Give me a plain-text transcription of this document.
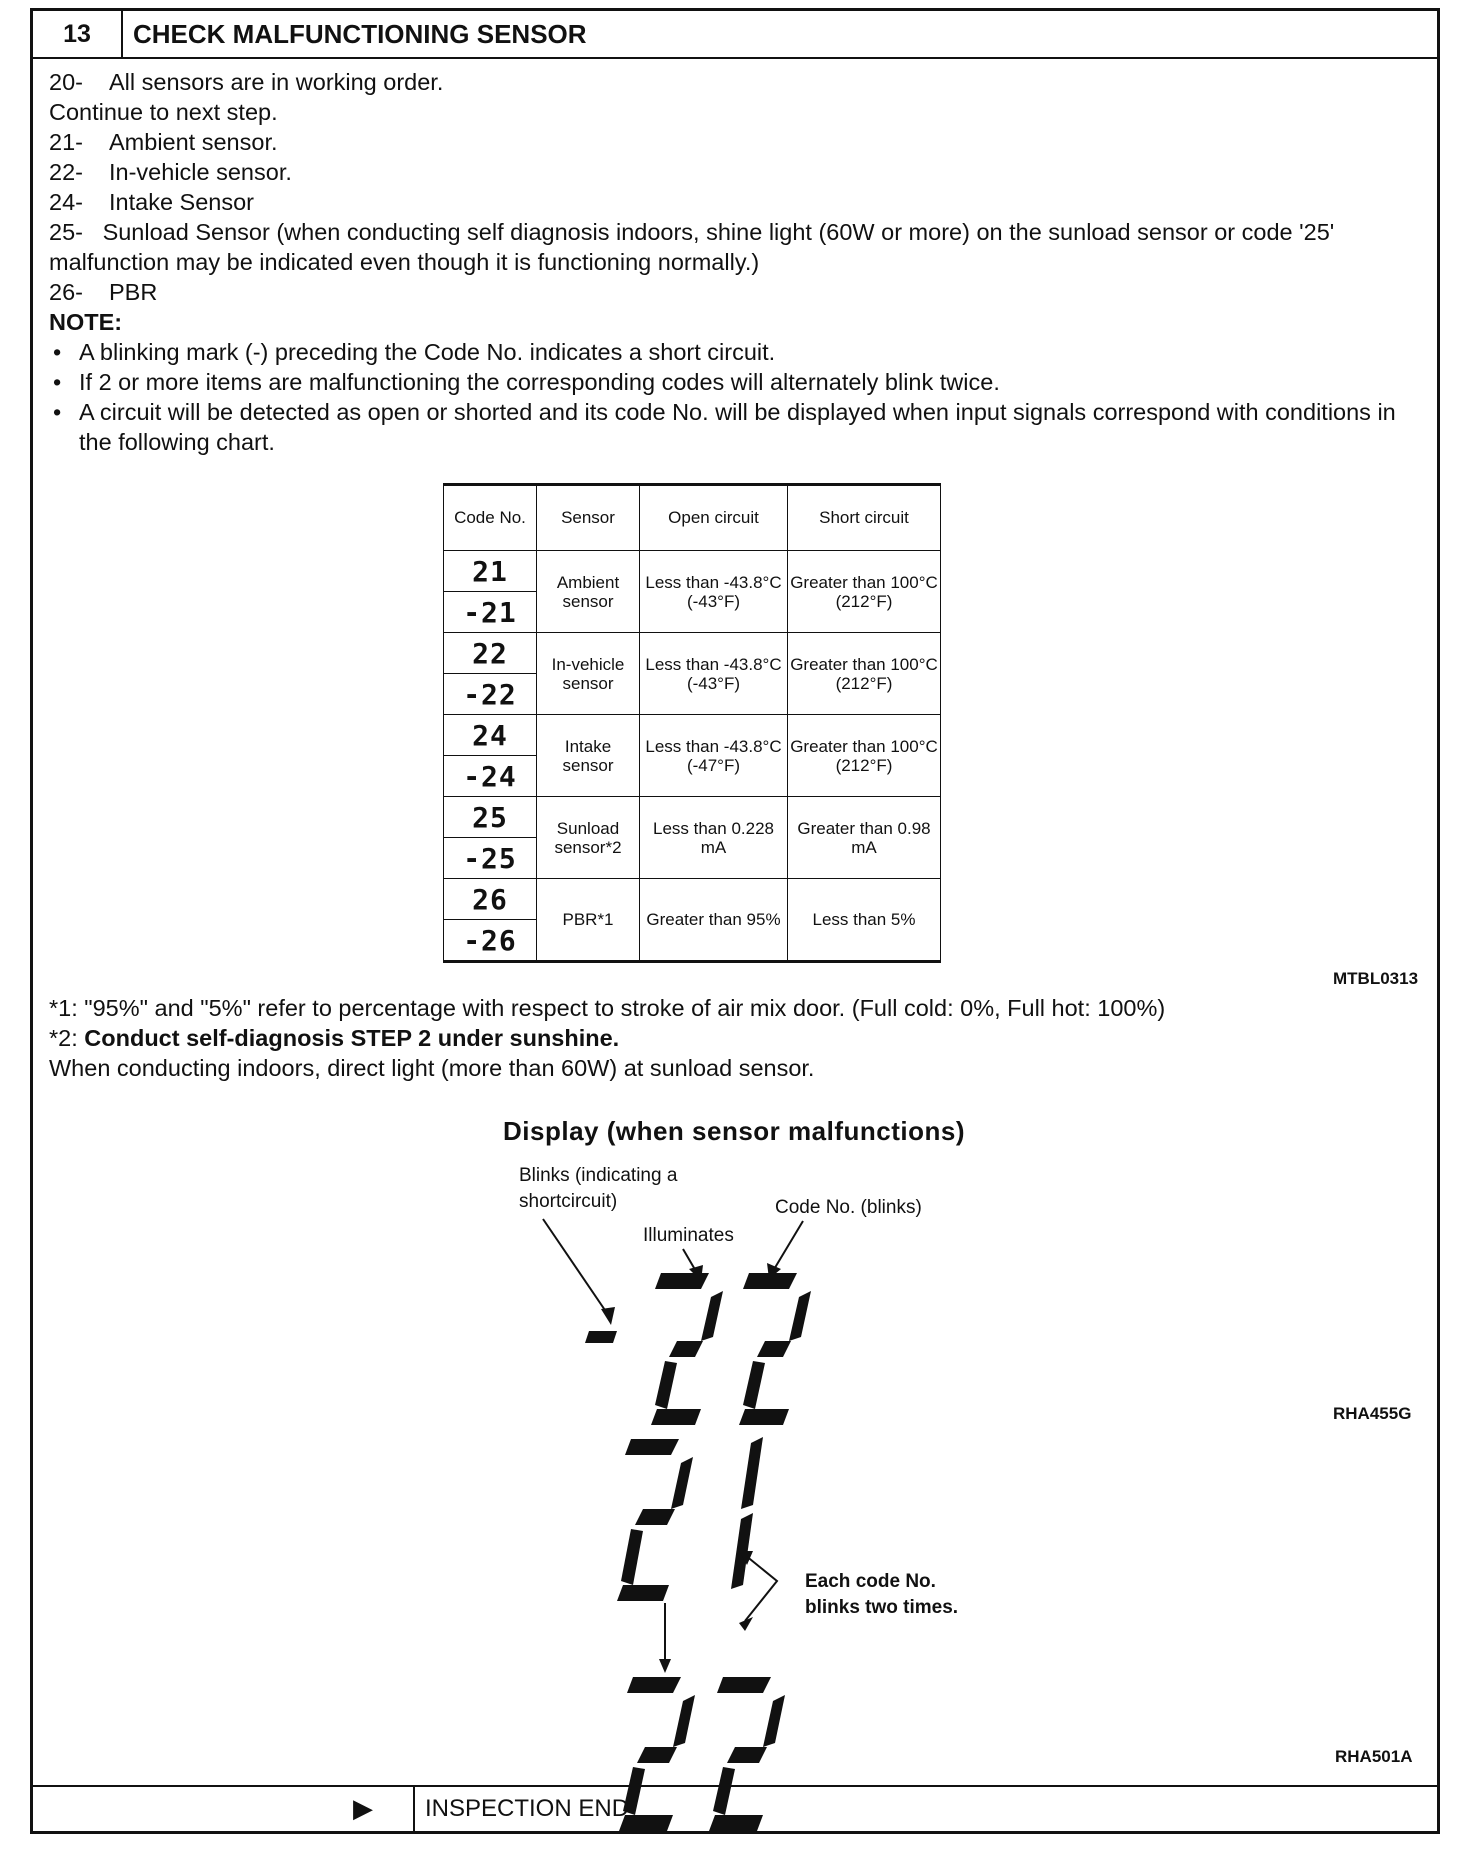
13	CHECK MALFUNCTIONING SENSOR
20-	All sensors are in working order.
Continue to next step.
21-	Ambient sensor.
22-	In-vehicle sensor.
24-	Intake Sensor
25- Sunload Sensor (when conducting self diagnosis indoors, shine light (60W or more) on the sunload sensor or code '25' malfunction may be indicated even though it is functioning normally.)
26-	PBR
NOTE:
• A blinking mark (-) preceding the Code No. indicates a short circuit.
• If 2 or more items are malfunctioning the corresponding codes will alternately blink twice.
• A circuit will be detected as open or shorted and its code No. will be displayed when input signals correspond with conditions in the following chart.
Code No.	Sensor	Open circuit	Short circuit
21	Ambient sensor	Less than -43.8°C (-43°F)	Greater than 100°C (212°F)
-21			
22	In-vehicle sensor	Less than -43.8°C (-43°F)	Greater than 100°C (212°F)
-22			
24	Intake sensor	Less than -43.8°C (-47°F)	Greater than 100°C (212°F)
-24			
25	Sunload sensor*2	Less than 0.228 mA	Greater than 0.98 mA
-25			
26	PBR*1	Greater than 95%	Less than 5%
-26			
MTBL0313
*1: "95%" and "5%" refer to percentage with respect to stroke of air mix door. (Full cold: 0%, Full hot: 100%)
*2: Conduct self-diagnosis STEP 2 under sunshine.
When conducting indoors, direct light (more than 60W) at sunload sensor.
Display (when sensor malfunctions)
Blinks (indicating a shortcircuit)
Illuminates
Code No. (blinks)
Each code No. blinks two times.
RHA455G
RHA501A
▶ INSPECTION END
